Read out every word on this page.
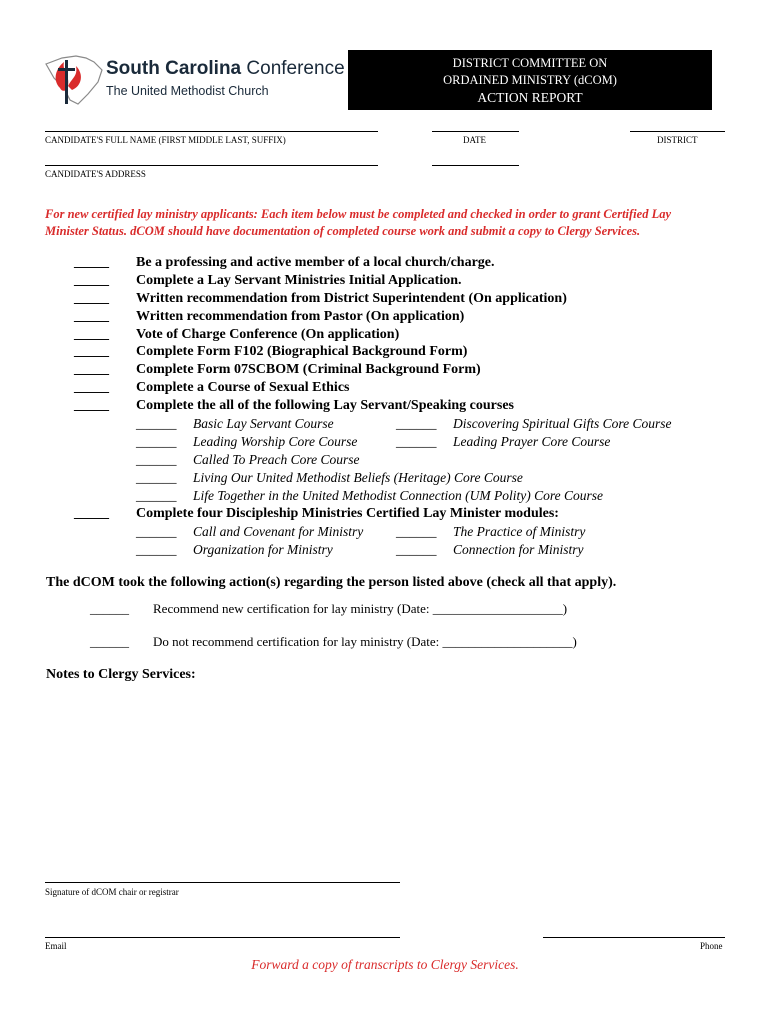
South Carolina Conference
The United Methodist Church
DISTRICT COMMITTEE ON
ORDAINED MINISTRY (dCOM)
ACTION REPORT
CANDIDATE'S FULL NAME (FIRST MIDDLE LAST, SUFFIX)	DATE	DISTRICT
CANDIDATE'S ADDRESS
For new certified lay ministry applicants: Each item below must be completed and checked in order to grant Certified Lay Minister Status. dCOM should have documentation of completed course work and submit a copy to Clergy Services.
_____ Be a professing and active member of a local church/charge.
_____ Complete a Lay Servant Ministries Initial Application.
_____ Written recommendation from District Superintendent (On application)
_____ Written recommendation from Pastor (On application)
_____ Vote of Charge Conference (On application)
_____ Complete Form F102 (Biographical Background Form)
_____ Complete Form 07SCBOM (Criminal Background Form)
_____ Complete a Course of Sexual Ethics
_____ Complete the all of the following Lay Servant/Speaking courses
______ Basic Lay Servant Course	______ Discovering Spiritual Gifts Core Course
______ Leading Worship Core Course	______ Leading Prayer Core Course
______ Called To Preach Core Course
______ Living Our United Methodist Beliefs (Heritage) Core Course
______ Life Together in the United Methodist Connection (UM Polity) Core Course
_____ Complete four Discipleship Ministries Certified Lay Minister modules:
______ Call and Covenant for Ministry ______ The Practice of Ministry
______ Organization for Ministry	______ Connection for Ministry
The dCOM took the following action(s) regarding the person listed above (check all that apply).
______ Recommend new certification for lay ministry (Date: ____________________)
______ Do not recommend certification for lay ministry (Date: ____________________)
Notes to Clergy Services:
Signature of dCOM chair or registrar
Email	Phone
Forward a copy of transcripts to Clergy Services.
